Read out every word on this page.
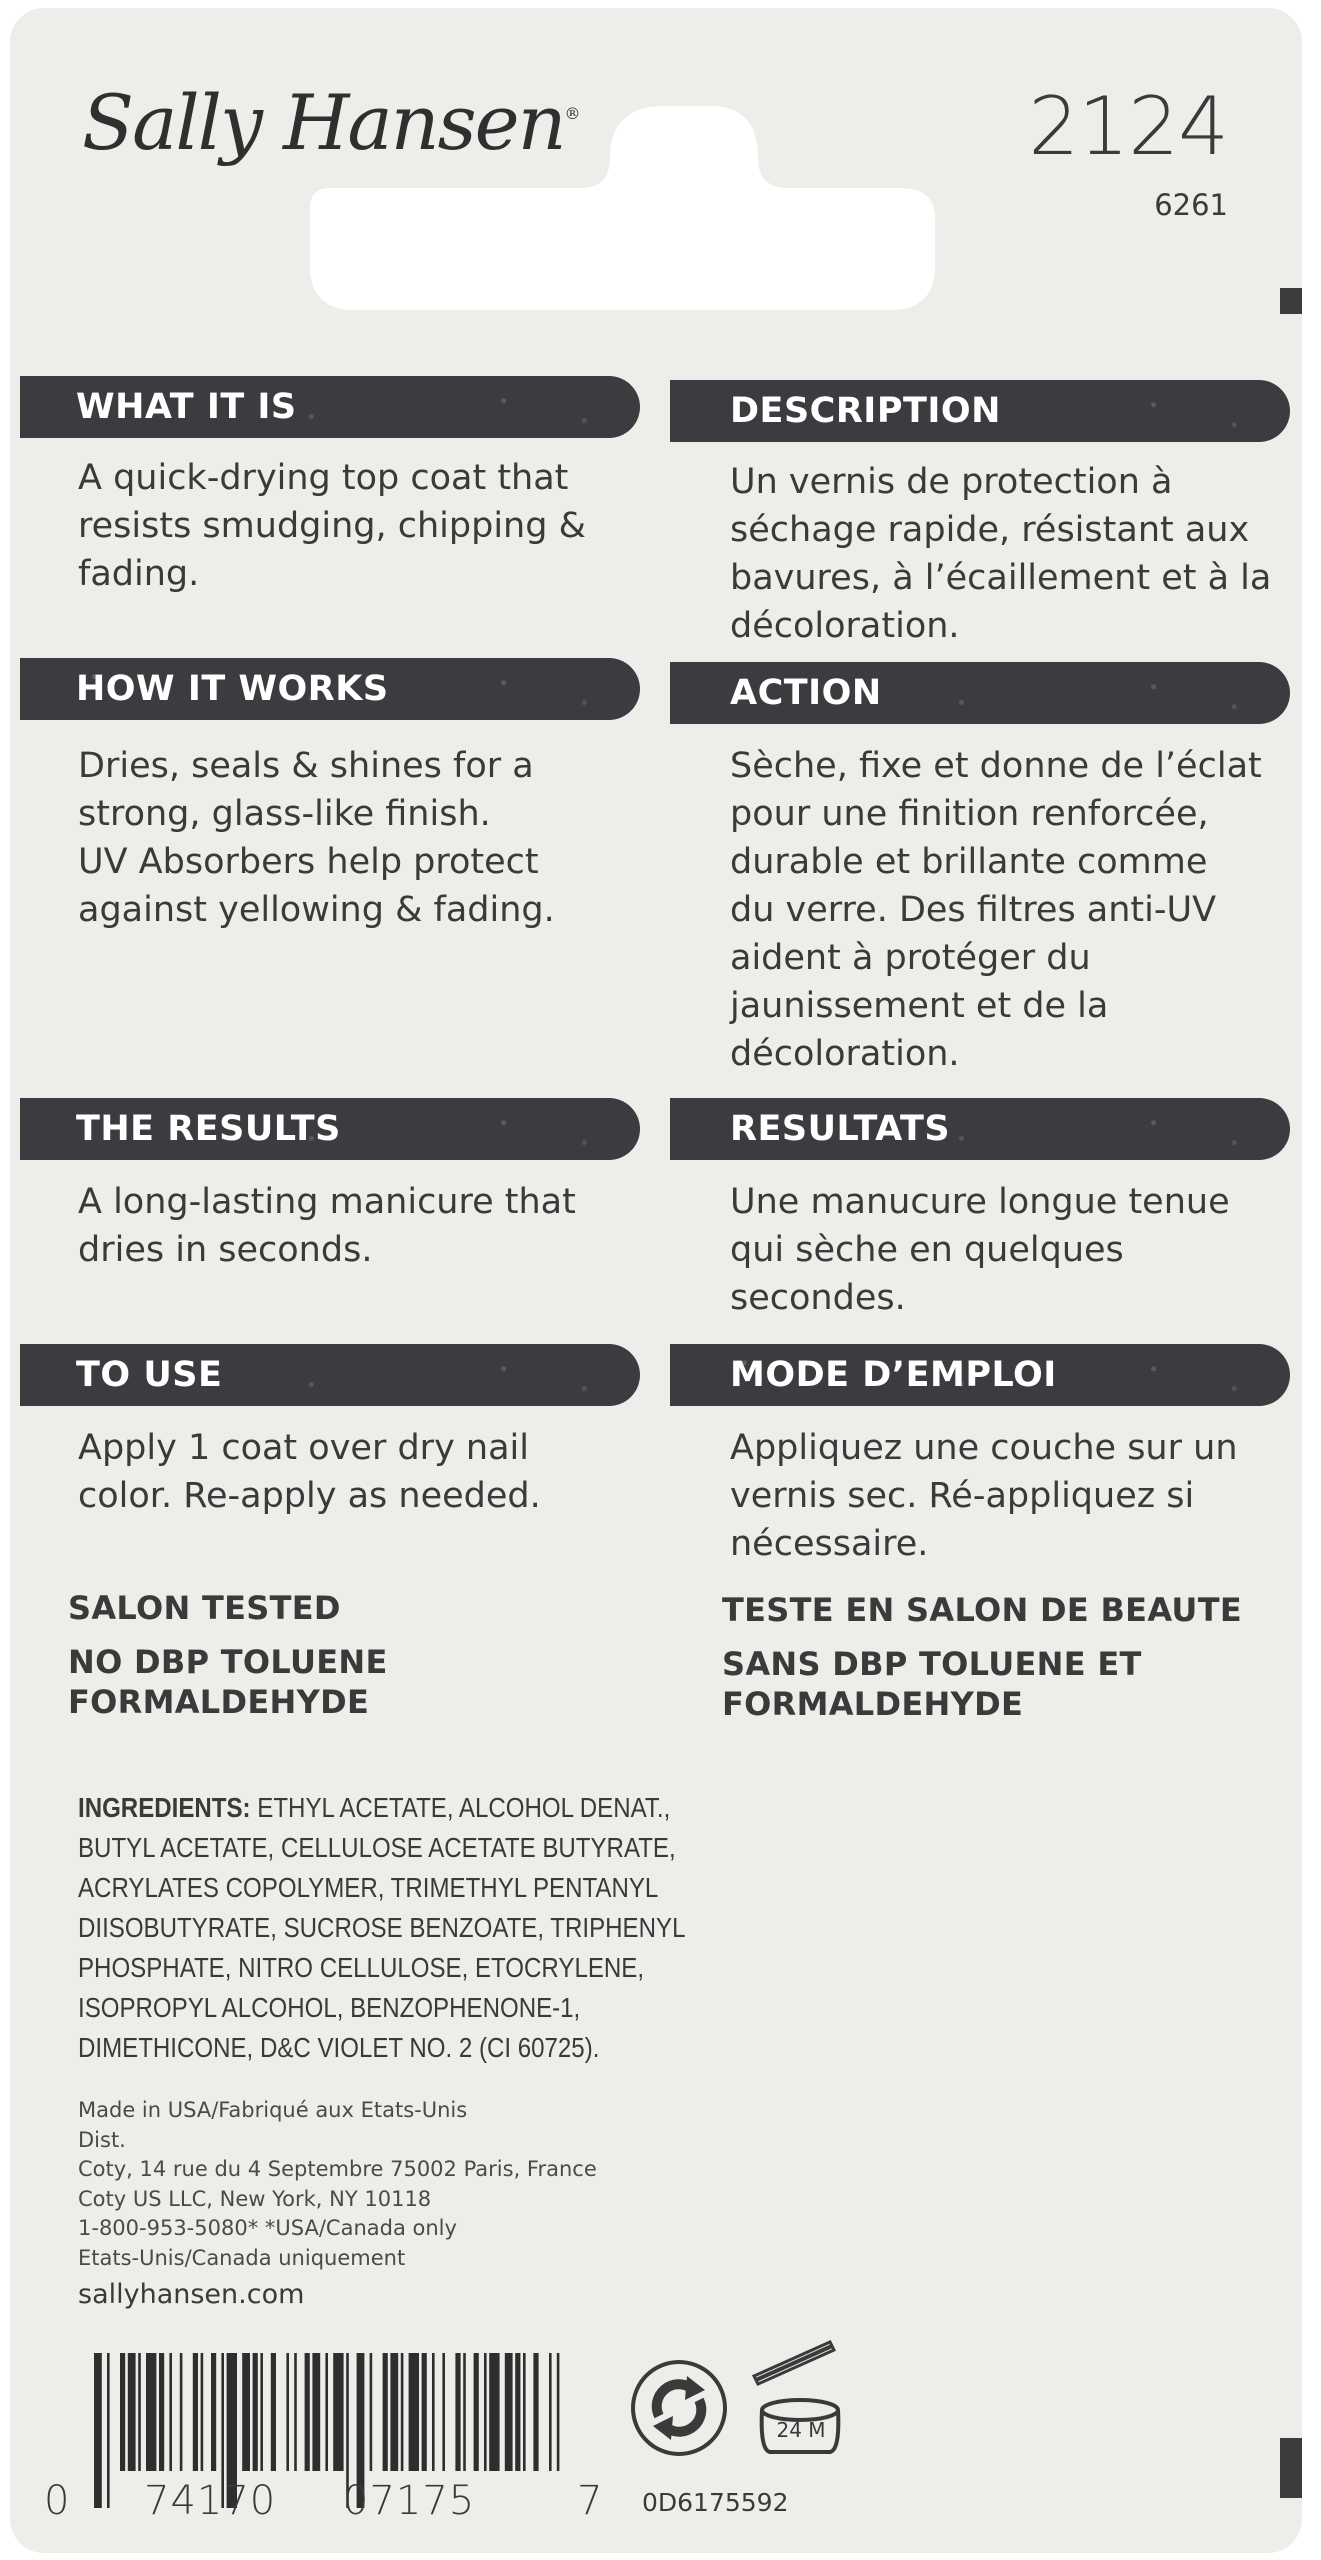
Sally Hansen®	2124
6261
WHAT IT IS	DESCRIPTION

A quick-drying top coat that
resists smudging, chipping &
fading.

Un vernis de protection à
séchage rapide, résistant aux
bavures, à l’écaillement et à la
décoloration.

HOW IT WORKS	ACTION

Dries, seals & shines for a
strong, glass-like finish.
UV Absorbers help protect
against yellowing & fading.

Sèche, fixe et donne de l’éclat
pour une finition renforcée,
durable et brillante comme
du verre. Des filtres anti-UV
aident à protéger du
jaunissement et de la
décoloration.

THE RESULTS	RESULTATS

A long-lasting manicure that
dries in seconds.

Une manucure longue tenue
qui sèche en quelques
secondes.

TO USE	MODE D’EMPLOI

Apply 1 coat over dry nail
color. Re-apply as needed.

Appliquez une couche sur un
vernis sec. Ré-appliquez si
nécessaire.

SALON TESTED

NO DBP TOLUENE
FORMALDEHYDE

TESTE EN SALON DE BEAUTE

SANS DBP TOLUENE ET
FORMALDEHYDE

INGREDIENTS: ETHYL ACETATE, ALCOHOL DENAT., BUTYL ACETATE, CELLULOSE ACETATE BUTYRATE, ACRYLATES COPOLYMER, TRIMETHYL PENTANYL DIISOBUTYRATE, SUCROSE BENZOATE, TRIPHENYL PHOSPHATE, NITRO CELLULOSE, ETOCRYLENE, ISOPROPYL ALCOHOL, BENZOPHENONE-1, DIMETHICONE, D&C VIOLET NO. 2 (CI 60725).

Made in USA/Fabriqué aux Etats-Unis
Dist.
Coty, 14 rue du 4 Septembre 75002 Paris, France
Coty US LLC, New York, NY 10118
1-800-953-5080* *USA/Canada only
Etats-Unis/Canada uniquement

sallyhansen.com
0 74170 07175	7
24 M
0D6175592
